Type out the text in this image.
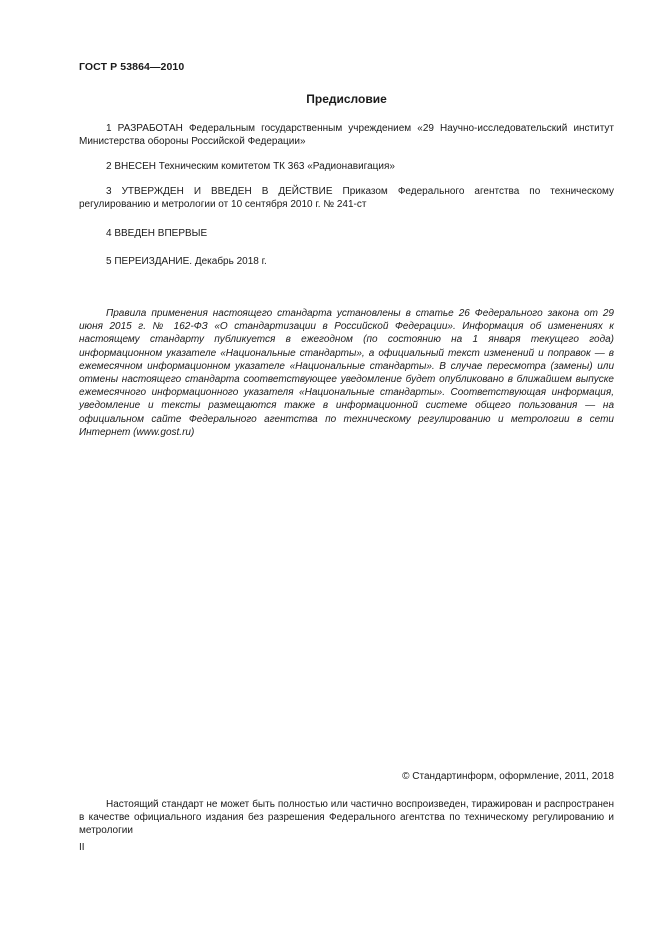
ГОСТ Р 53864—2010
Предисловие

1 РАЗРАБОТАН Федеральным государственным учреждением «29 Научно-исследовательский институт Министерства обороны Российской Федерации»

2 ВНЕСЕН Техническим комитетом ТК 363 «Радионавигация»

3 УТВЕРЖДЕН И ВВЕДЕН В ДЕЙСТВИЕ Приказом Федерального агентства по техническому регулированию и метрологии от 10 сентября 2010 г. № 241-ст

4 ВВЕДЕН ВПЕРВЫЕ

5 ПЕРЕИЗДАНИЕ. Декабрь 2018 г.

Правила применения настоящего стандарта установлены в статье 26 Федерального закона от 29 июня 2015 г. № 162-ФЗ «О стандартизации в Российской Федерации». Информация об изменениях к настоящему стандарту публикуется в ежегодном (по состоянию на 1 января текущего года) информационном указателе «Национальные стандарты», а официальный текст изменений и поправок — в ежемесячном информационном указателе «Национальные стандарты». В случае пересмотра (замены) или отмены настоящего стандарта соответствующее уведомление будет опубликовано в ближайшем выпуске ежемесячного информационного указателя «Национальные стандарты». Соответствующая информация, уведомление и тексты размещаются также в информационной системе общего пользования — на официальном сайте Федерального агентства по техническому регулированию и метрологии в сети Интернет (www.gost.ru)

© Стандартинформ, оформление, 2011, 2018

Настоящий стандарт не может быть полностью или частично воспроизведен, тиражирован и распространен в качестве официального издания без разрешения Федерального агентства по техническому регулированию и метрологии

II
